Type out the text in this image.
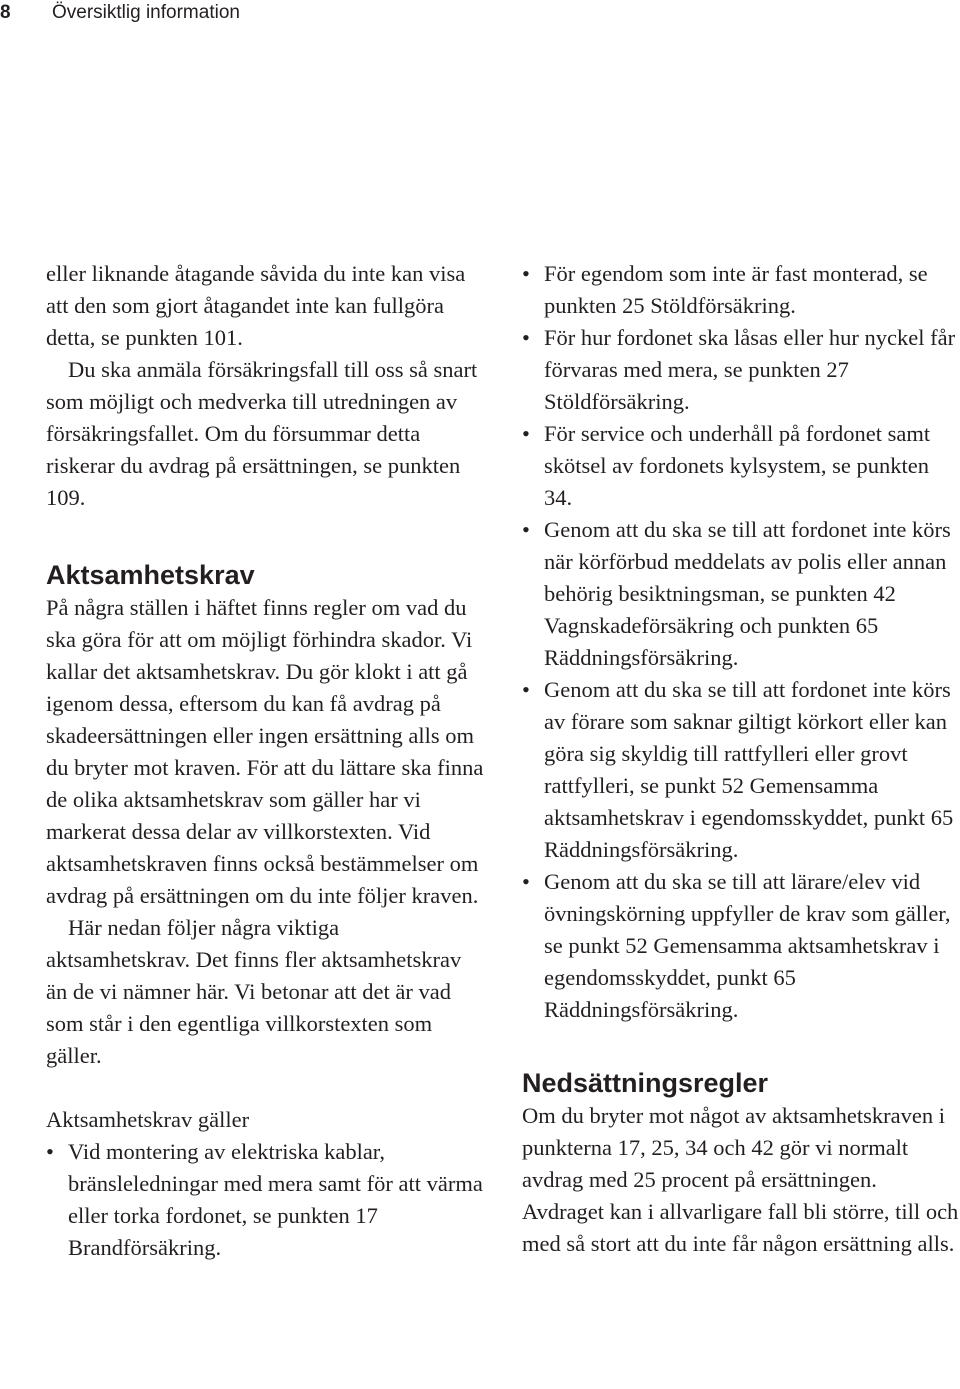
8 Översiktlig information

eller liknande åtagande såvida du inte kan visa att den som gjort åtagandet inte kan fullgöra detta, se punkten 101.

Du ska anmäla försäkringsfall till oss så snart som möjligt och medverka till utredningen av försäkringsfallet. Om du försummar detta riskerar du avdrag på ersättningen, se punkten 109.

Aktsamhetskrav

På några ställen i häftet finns regler om vad du ska göra för att om möjligt förhindra skador. Vi kallar det aktsamhetskrav. Du gör klokt i att gå igenom dessa, eftersom du kan få avdrag på skadeersättningen eller ingen ersättning alls om du bryter mot kraven. För att du lättare ska finna de olika aktsamhetskrav som gäller har vi markerat dessa delar av villkorstexten. Vid aktsamhetskraven finns också bestämmelser om avdrag på ersättningen om du inte följer kraven.

Här nedan följer några viktiga aktsamhetskrav. Det finns fler aktsamhetskrav än de vi nämner här. Vi betonar att det är vad som står i den egentliga villkorstexten som gäller.

Aktsamhetskrav gäller

• Vid montering av elektriska kablar, bränsleledningar med mera samt för att värma eller torka fordonet, se punkten 17 Brandförsäkring.
• För egendom som inte är fast monterad, se punkten 25 Stöldförsäkring.
• För hur fordonet ska låsas eller hur nyckel får förvaras med mera, se punkten 27 Stöldförsäkring.
• För service och underhåll på fordonet samt skötsel av fordonets kylsystem, se punkten 34.
• Genom att du ska se till att fordonet inte körs när körförbud meddelats av polis eller annan behörig besiktningsman, se punkten 42 Vagnskadeförsäkring och punkten 65 Räddningsförsäkring.
• Genom att du ska se till att fordonet inte körs av förare som saknar giltigt körkort eller kan göra sig skyldig till rattfylleri eller grovt rattfylleri, se punkt 52 Gemensamma aktsamhetskrav i egendomsskyddet, punkt 65 Räddningsförsäkring.
• Genom att du ska se till att lärare/elev vid övningskörning uppfyller de krav som gäller, se punkt 52 Gemensamma aktsamhetskrav i egendomsskyddet, punkt 65 Räddningsförsäkring.
Nedsättningsregler

Om du bryter mot något av aktsamhetskraven i punkterna 17, 25, 34 och 42 gör vi normalt avdrag med 25 procent på ersättningen. Avdraget kan i allvarligare fall bli större, till och med så stort att du inte får någon ersättning alls.
